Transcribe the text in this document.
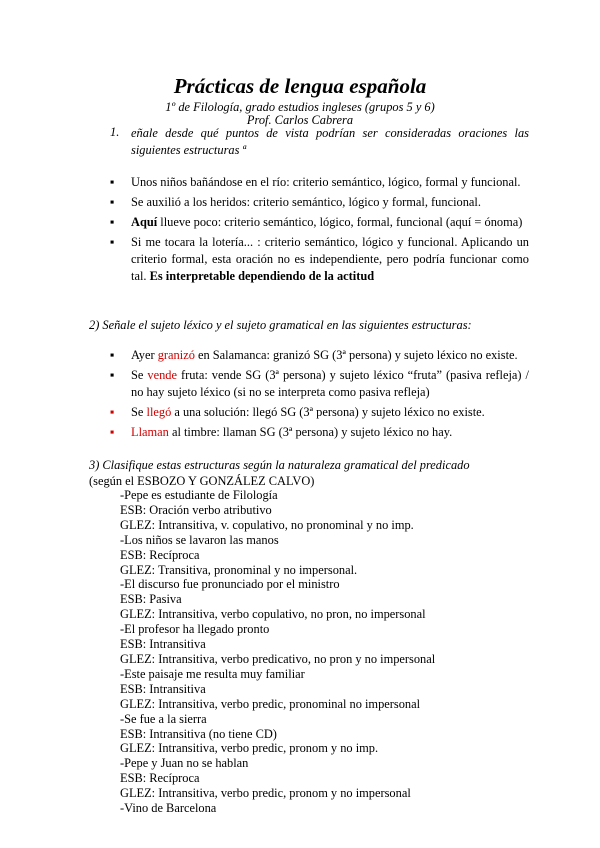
Prácticas de lengua española
1º de Filología, grado estudios ingleses (grupos 5 y 6)
Prof. Carlos Cabrera
1. eñale desde qué puntos de vista podrían ser consideradas oraciones las siguientes estructuras ª
▪ Unos niños bañándose en el río: criterio semántico, lógico, formal y funcional.
▪ Se auxilió a los heridos: criterio semántico, lógico y formal, funcional.
▪ Aquí llueve poco: criterio semántico, lógico, formal, funcional (aquí = ónoma)
▪ Si me tocara la lotería... : criterio semántico, lógico y funcional. Aplicando un criterio formal, esta oración no es independiente, pero podría funcionar como tal. Es interpretable dependiendo de la actitud
2) Señale el sujeto léxico y el sujeto gramatical en las siguientes estructuras:
▪ Ayer granizó en Salamanca: granizó SG (3ª persona) y sujeto léxico no existe.
▪ Se vende fruta: vende SG (3ª persona) y sujeto léxico “fruta” (pasiva refleja) / no hay sujeto léxico (si no se interpreta como pasiva refleja)
▪ Se llegó a una solución: llegó SG (3ª persona) y sujeto léxico no existe.
▪ Llaman al timbre: llaman SG (3ª persona) y sujeto léxico no hay.
3) Clasifique estas estructuras según la naturaleza gramatical del predicado
(según el ESBOZO Y GONZÁLEZ CALVO)
-Pepe es estudiante de Filología
ESB: Oración verbo atributivo
GLEZ: Intransitiva, v. copulativo, no pronominal y no imp.
-Los niños se lavaron las manos
ESB: Recíproca
GLEZ: Transitiva, pronominal y no impersonal.
-El discurso fue pronunciado por el ministro
ESB: Pasiva
GLEZ: Intransitiva, verbo copulativo, no pron, no impersonal
-El profesor ha llegado pronto
ESB: Intransitiva
GLEZ: Intransitiva, verbo predicativo, no pron y no impersonal
-Este paisaje me resulta muy familiar
ESB: Intransitiva
GLEZ: Intransitiva, verbo predic, pronominal no impersonal
-Se fue a la sierra
ESB: Intransitiva (no tiene CD)
GLEZ: Intransitiva, verbo predic, pronom y no imp.
-Pepe y Juan no se hablan
ESB: Recíproca
GLEZ: Intransitiva, verbo predic, pronom y no impersonal
-Vino de Barcelona
